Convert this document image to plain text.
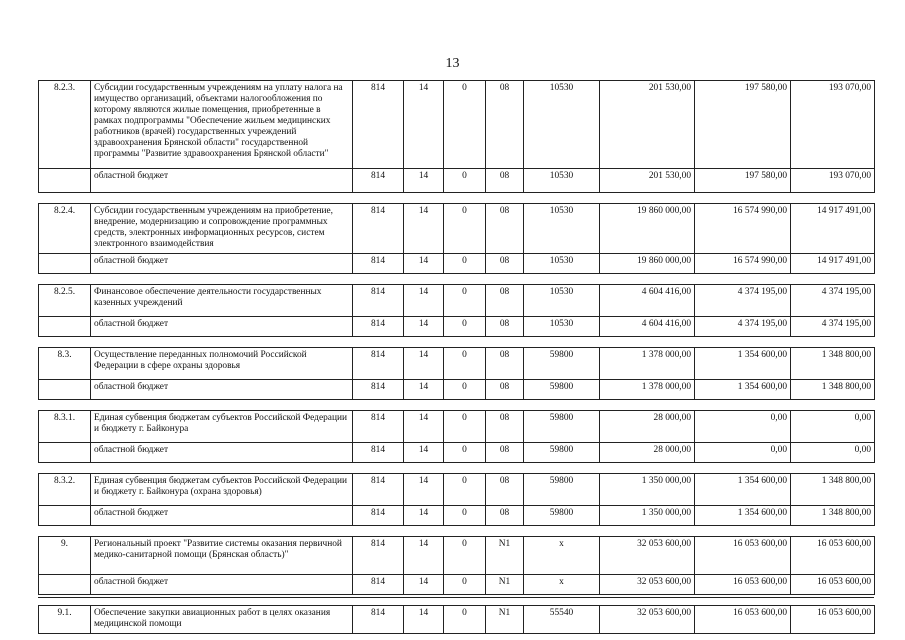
13
8.2.3.	Субсидии государственным учреждениям на уплату налога на имущество организаций, объектами налогообложения по которому являются жилые помещения, приобретенные в рамках подпрограммы "Обеспечение жильем медицинских работников (врачей) государственных учреждений здравоохранения Брянской области" государственной программы "Развитие здравоохранения Брянской области"	814	14	0	08	10530	201 530,00	197 580,00	193 070,00
	областной бюджет	814	14	0	08	10530	201 530,00	197 580,00	193 070,00

8.2.4.	Субсидии государственным учреждениям на приобретение, внедрение, модернизацию и сопровождение программных средств, электронных информационных ресурсов, систем электронного взаимодействия	814	14	0	08	10530	19 860 000,00	16 574 990,00	14 917 491,00
	областной бюджет	814	14	0	08	10530	19 860 000,00	16 574 990,00	14 917 491,00

8.2.5.	Финансовое обеспечение деятельности государственных казенных учреждений	814	14	0	08	10530	4 604 416,00	4 374 195,00	4 374 195,00
	областной бюджет	814	14	0	08	10530	4 604 416,00	4 374 195,00	4 374 195,00

8.3.	Осуществление переданных полномочий Российской Федерации в сфере охраны здоровья	814	14	0	08	59800	1 378 000,00	1 354 600,00	1 348 800,00
	областной бюджет	814	14	0	08	59800	1 378 000,00	1 354 600,00	1 348 800,00

8.3.1.	Единая субвенция бюджетам субъектов Российской Федерации и бюджету г. Байконура	814	14	0	08	59800	28 000,00	0,00	0,00
	областной бюджет	814	14	0	08	59800	28 000,00	0,00	0,00

8.3.2.	Единая субвенция бюджетам субъектов Российской Федерации и бюджету г. Байконура (охрана здоровья)	814	14	0	08	59800	1 350 000,00	1 354 600,00	1 348 800,00
	областной бюджет	814	14	0	08	59800	1 350 000,00	1 354 600,00	1 348 800,00

9.	Региональный проект "Развитие системы оказания первичной медико-санитарной помощи (Брянская область)"	814	14	0	N1	x	32 053 600,00	16 053 600,00	16 053 600,00
	областной бюджет	814	14	0	N1	x	32 053 600,00	16 053 600,00	16 053 600,00

9.1.	Обеспечение закупки авиационных работ в целях оказания медицинской помощи	814	14	0	N1	55540	32 053 600,00	16 053 600,00	16 053 600,00
